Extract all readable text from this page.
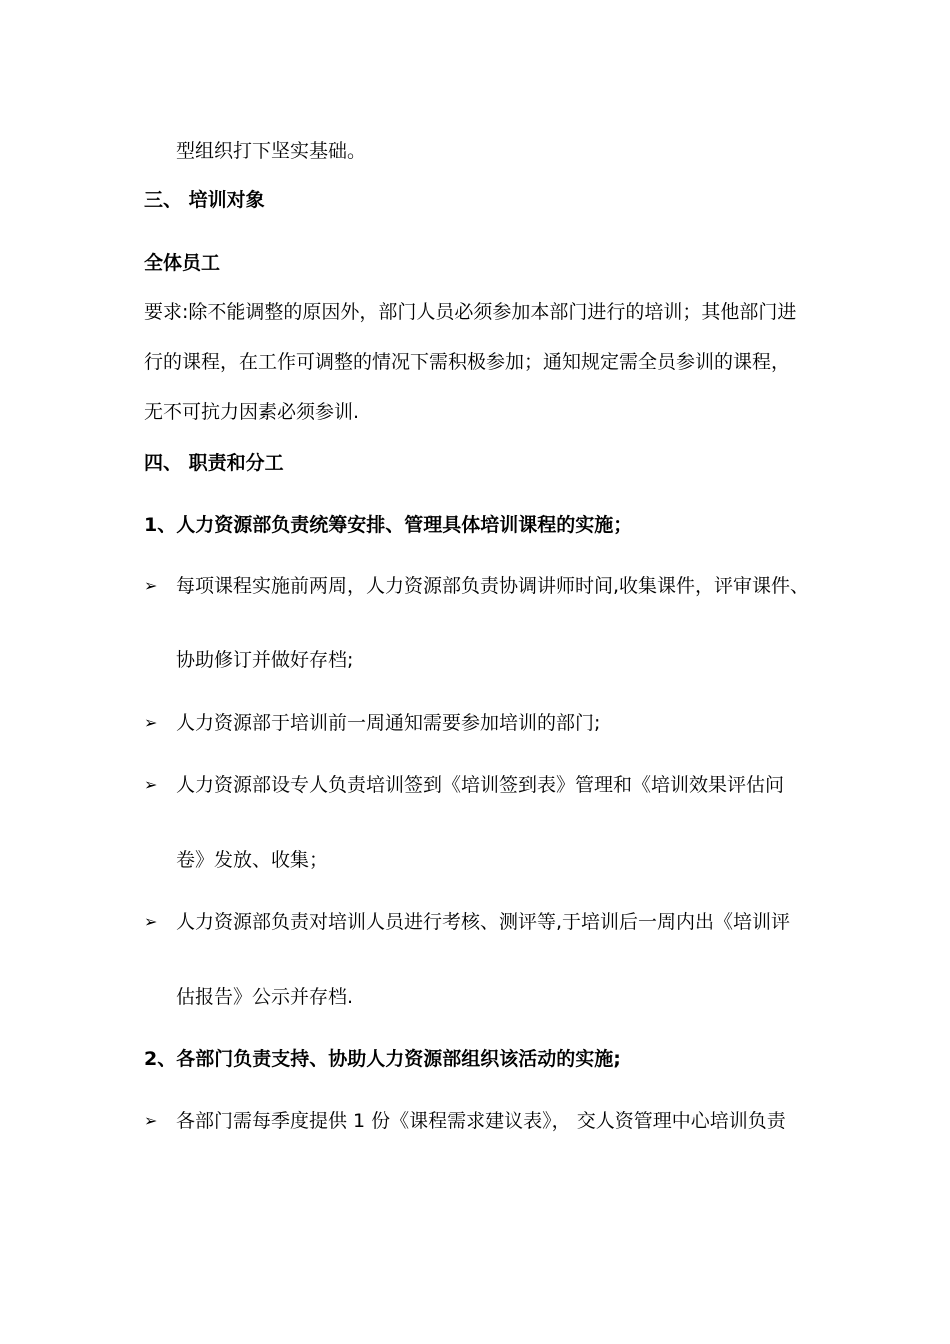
型组织打下坚实基础。
三、 培训对象
全体员工
要求:除不能调整的原因外，部门人员必须参加本部门进行的培训；其他部门进
行的课程，在工作可调整的情况下需积极参加；通知规定需全员参训的课程，
无不可抗力因素必须参训.
四、 职责和分工
1、人力资源部负责统筹安排、管理具体培训课程的实施；
➢ 每项课程实施前两周，人力资源部负责协调讲师时间,收集课件，评审课件、
协助修订并做好存档;
➢ 人力资源部于培训前一周通知需要参加培训的部门;
➢ 人力资源部设专人负责培训签到《培训签到表》管理和《培训效果评估问
卷》发放、收集；
➢ 人力资源部负责对培训人员进行考核、测评等,于培训后一周内出《培训评
估报告》公示并存档.
2、各部门负责支持、协助人力资源部组织该活动的实施;
➢ 各部门需每季度提供 1 份《课程需求建议表》， 交人资管理中心培训负责
